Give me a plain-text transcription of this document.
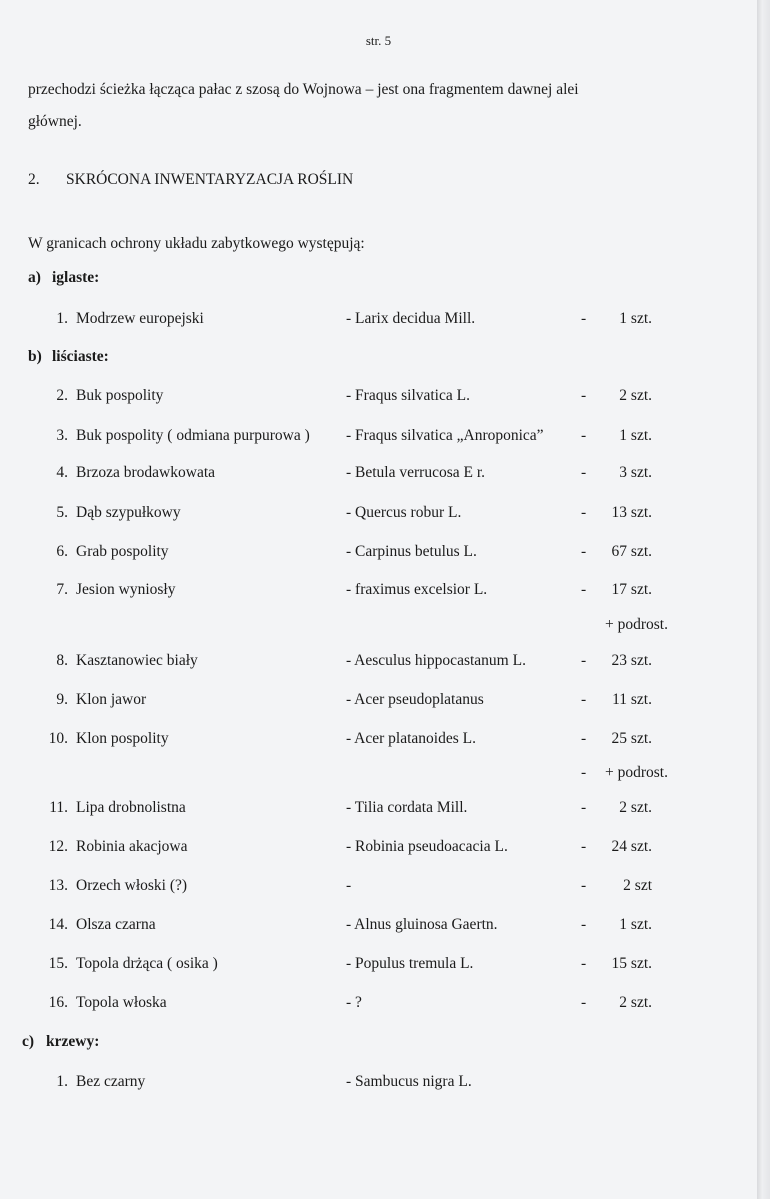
str. 5
przechodzi ścieżka łącząca pałac z szosą do Wojnowa – jest ona fragmentem dawnej alei
głównej.
2. SKRÓCONA INWENTARYZACJA ROŚLIN
W granicach ochrony układu zabytkowego występują:
a) iglaste:
1. Modrzew europejski	- Larix decidua Mill.	-	1 szt.
b) liściaste:
2. Buk pospolity	- Fraqus silvatica L.	-	2 szt.
3. Buk pospolity ( odmiana purpurowa ) - Fraqus silvatica „Anroponica” -	1 szt.
4. Brzoza brodawkowata	- Betula verrucosa E r.	-	3 szt.
5. Dąb szypułkowy	- Quercus robur L.	-	13 szt.
6. Grab pospolity	- Carpinus betulus L.	-	67 szt.
7. Jesion wyniosły	- fraximus excelsior L.	-	17 szt.
+ podrost.
8. Kasztanowiec biały	- Aesculus hippocastanum L.	-	23 szt.
9. Klon jawor	- Acer pseudoplatanus	-	11 szt.
10. Klon pospolity	- Acer platanoides L.	-	25 szt.
- + podrost.
11. Lipa drobnolistna	- Tilia cordata Mill.	-	2 szt.
12. Robinia akacjowa	- Robinia pseudoacacia L.	-	24 szt.
13. Orzech włoski (?)	-	-	2 szt
14. Olsza czarna	- Alnus gluinosa Gaertn.	-	1 szt.
15. Topola drżąca ( osika )	- Populus tremula L.	-	15 szt.
16. Topola włoska	- ?	-	2 szt.
c) krzewy:
1. Bez czarny	- Sambucus nigra L.
